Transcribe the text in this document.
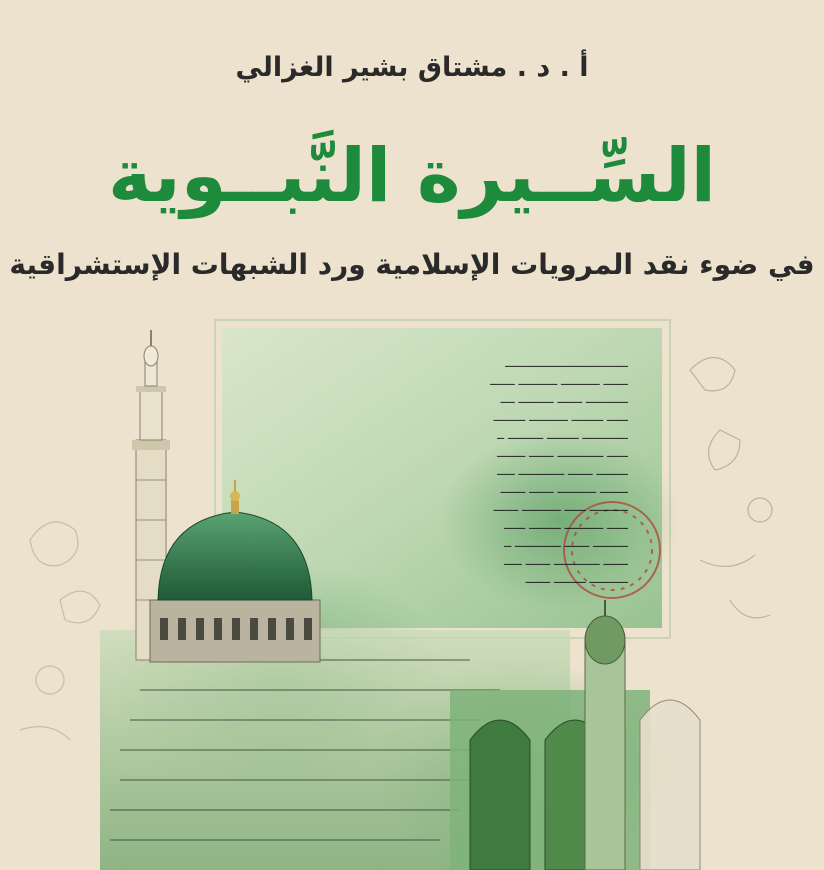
أ . د . مشتاق بشير الغزالي
السِّــيرة النَّبــوية
في ضوء نقد المرويات الإسلامية ورد الشبهات الإستشراقية
ـــــــــــــــــــــــــــــــــــ
ـــــــ ـــــــــــ ـــــــــــ ـــــــ
ــــــــــــ ـــــــ ــــــــــ ــــ
ــــــ ـــــــــ ـــــــــــ ـــــــــ
ـــــــــــــ ـــــــــ ــــــــــ ــ
ــــــ ـــــــــــــ ـــــــ ــــــــ
ـــــــــ ـــــــ ـــــــــــــ ـــــ
ــــــــ ـــــــــــ ـــــــ ـــــــ
ـــــــــــ ــــــ ـــــــــــ ـــــــ
ــــــ ـــــــــــ ـــــــــ ــــــ
ــــــــــ ـــــــ ـــــــــــــ ــ
ـــــــ ـــــــــــــ ـــــــ ـــــ
ـــــــــــ ـــــــــ ـــــــ
